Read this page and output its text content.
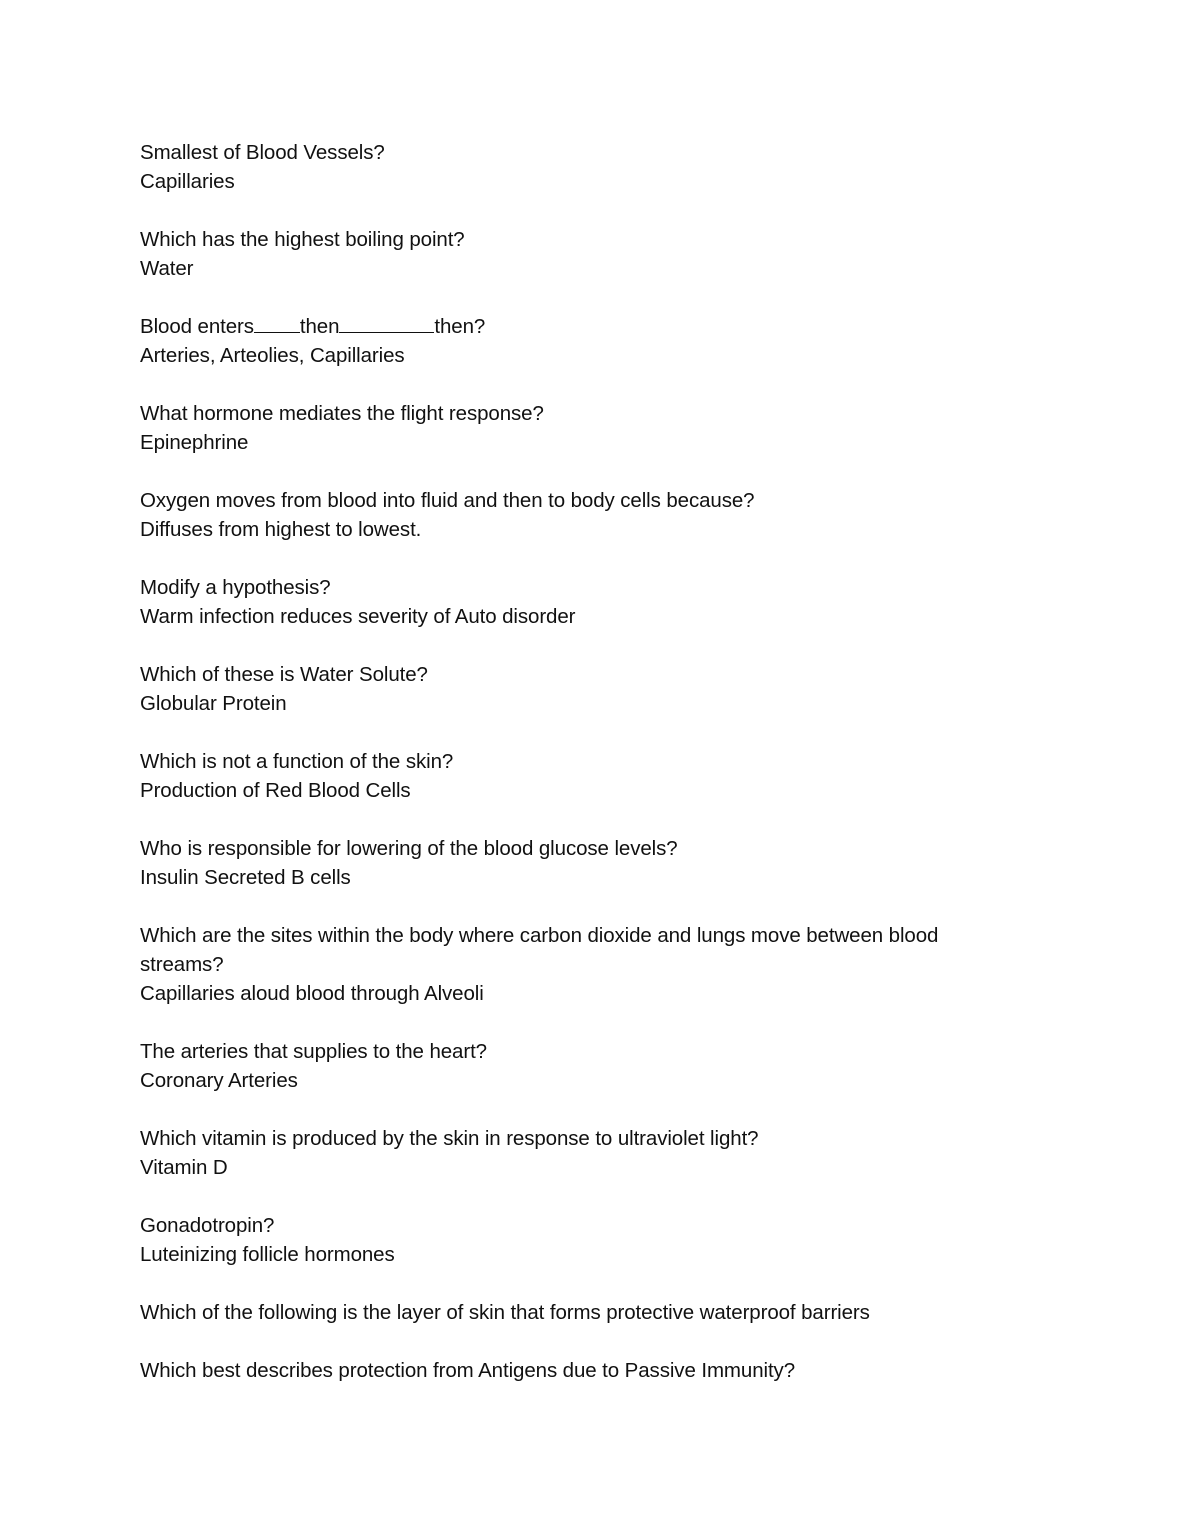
Smallest of Blood Vessels?
Capillaries
Which has the highest boiling point?
Water
Blood enters then	then?
Arteries, Arteolies, Capillaries
What hormone mediates the flight response?
Epinephrine
Oxygen moves from blood into fluid and then to body cells because?
Diffuses from highest to lowest.
Modify a hypothesis?
Warm infection reduces severity of Auto disorder
Which of these is Water Solute?
Globular Protein
Which is not a function of the skin?
Production of Red Blood Cells
Who is responsible for lowering of the blood glucose levels?
Insulin Secreted B cells
Which are the sites within the body where carbon dioxide and lungs move between blood streams?
Capillaries aloud blood through Alveoli
The arteries that supplies to the heart?
Coronary Arteries
Which vitamin is produced by the skin in response to ultraviolet light?
Vitamin D
Gonadotropin?
Luteinizing follicle hormones
Which of the following is the layer of skin that forms protective waterproof barriers
Which best describes protection from Antigens due to Passive Immunity?
